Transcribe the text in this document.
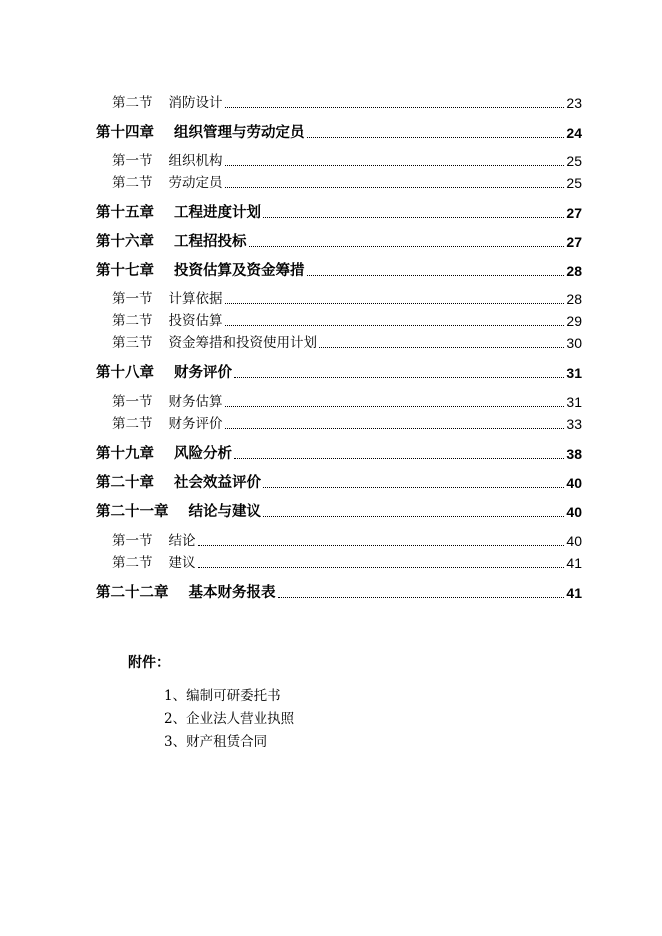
第二节 消防设计	23
第十四章 组织管理与劳动定员	24
第一节 组织机构	25
第二节 劳动定员	25
第十五章 工程进度计划	27
第十六章 工程招投标	27
第十七章 投资估算及资金筹措	28
第一节 计算依据	28
第二节 投资估算	29
第三节 资金筹措和投资使用计划	30
第十八章 财务评价	31
第一节 财务估算	31
第二节 财务评价	33
第十九章 风险分析	38
第二十章 社会效益评价	40
第二十一章 结论与建议	40
第一节 结论	40
第二节 建议	41
第二十二章 基本财务报表	41
附件：
1、编制可研委托书
2、企业法人营业执照
3、财产租赁合同
